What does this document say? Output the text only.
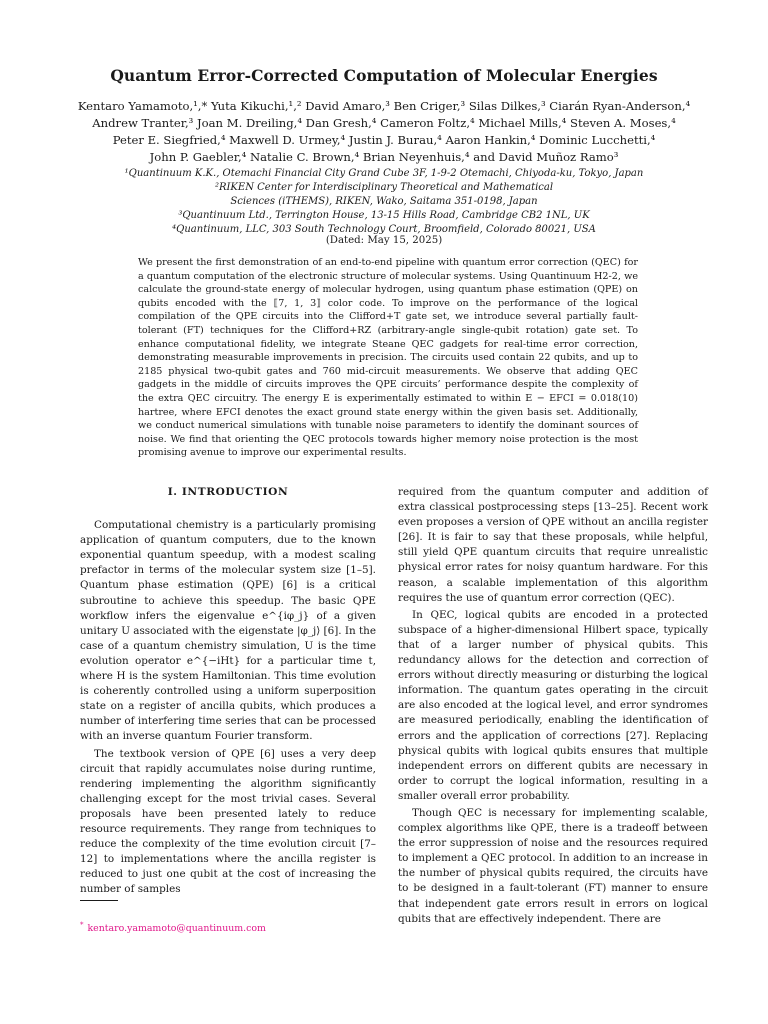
Quantum Error-Corrected Computation of Molecular Energies
Kentaro Yamamoto,¹,* Yuta Kikuchi,¹,² David Amaro,³ Ben Criger,³ Silas Dilkes,³ Ciarán Ryan-Anderson,⁴
Andrew Tranter,³ Joan M. Dreiling,⁴ Dan Gresh,⁴ Cameron Foltz,⁴ Michael Mills,⁴ Steven A. Moses,⁴
Peter E. Siegfried,⁴ Maxwell D. Urmey,⁴ Justin J. Burau,⁴ Aaron Hankin,⁴ Dominic Lucchetti,⁴
John P. Gaebler,⁴ Natalie C. Brown,⁴ Brian Neyenhuis,⁴ and David Muñoz Ramo³
¹Quantinuum K.K., Otemachi Financial City Grand Cube 3F, 1-9-2 Otemachi, Chiyoda-ku, Tokyo, Japan
²RIKEN Center for Interdisciplinary Theoretical and Mathematical
Sciences (iTHEMS), RIKEN, Wako, Saitama 351-0198, Japan
³Quantinuum Ltd., Terrington House, 13-15 Hills Road, Cambridge CB2 1NL, UK
⁴Quantinuum, LLC, 303 South Technology Court, Broomfield, Colorado 80021, USA
(Dated: May 15, 2025)

We present the first demonstration of an end-to-end pipeline with quantum error correction (QEC) for a quantum computation of the electronic structure of molecular systems. Using Quantinuum H2-2, we calculate the ground-state energy of molecular hydrogen, using quantum phase estimation (QPE) on qubits encoded with the ⟦7, 1, 3⟧ color code. To improve on the performance of the logical compilation of the QPE circuits into the Clifford+T gate set, we introduce several partially fault-tolerant (FT) techniques for the Clifford+RZ (arbitrary-angle single-qubit rotation) gate set. To enhance computational fidelity, we integrate Steane QEC gadgets for real-time error correction, demonstrating measurable improvements in precision. The circuits used contain 22 qubits, and up to 2185 physical two-qubit gates and 760 mid-circuit measurements. We observe that adding QEC gadgets in the middle of circuits improves the QPE circuits’ performance despite the complexity of the extra QEC circuitry. The energy E is experimentally estimated to within E − EFCI = 0.018(10) hartree, where EFCI denotes the exact ground state energy within the given basis set. Additionally, we conduct numerical simulations with tunable noise parameters to identify the dominant sources of noise. We find that orienting the QEC protocols towards higher memory noise protection is the most promising avenue to improve our experimental results.

I. INTRODUCTION

Computational chemistry is a particularly promising application of quantum computers, due to the known exponential quantum speedup, with a modest scaling prefactor in terms of the molecular system size [1–5]. Quantum phase estimation (QPE) [6] is a critical subroutine to achieve this speedup. The basic QPE workflow infers the eigenvalue e^{iφ_j} of a given unitary U associated with the eigenstate |φ_j⟩ [6]. In the case of a quantum chemistry simulation, U is the time evolution operator e^{−iHt} for a particular time t, where H is the system Hamiltonian. This time evolution is coherently controlled using a uniform superposition state on a register of ancilla qubits, which produces a number of interfering time series that can be processed with an inverse quantum Fourier transform.

The textbook version of QPE [6] uses a very deep circuit that rapidly accumulates noise during runtime, rendering implementing the algorithm significantly challenging except for the most trivial cases. Several proposals have been presented lately to reduce resource requirements. They range from techniques to reduce the complexity of the time evolution circuit [7–12] to implementations where the ancilla register is reduced to just one qubit at the cost of increasing the number of samples

required from the quantum computer and addition of extra classical postprocessing steps [13–25]. Recent work even proposes a version of QPE without an ancilla register [26]. It is fair to say that these proposals, while helpful, still yield QPE quantum circuits that require unrealistic physical error rates for noisy quantum hardware. For this reason, a scalable implementation of this algorithm requires the use of quantum error correction (QEC).

In QEC, logical qubits are encoded in a protected subspace of a higher-dimensional Hilbert space, typically that of a larger number of physical qubits. This redundancy allows for the detection and correction of errors without directly measuring or disturbing the logical information. The quantum gates operating in the circuit are also encoded at the logical level, and error syndromes are measured periodically, enabling the identification of errors and the application of corrections [27]. Replacing physical qubits with logical qubits ensures that multiple independent errors on different qubits are necessary in order to corrupt the logical information, resulting in a smaller overall error probability.

Though QEC is necessary for implementing scalable, complex algorithms like QPE, there is a tradeoff between the error suppression of noise and the resources required to implement a QEC protocol. In addition to an increase in the number of physical qubits required, the circuits have to be designed in a fault-tolerant (FT) manner to ensure that independent gate errors result in errors on logical qubits that are effectively independent. There are

* kentaro.yamamoto@quantinuum.com
